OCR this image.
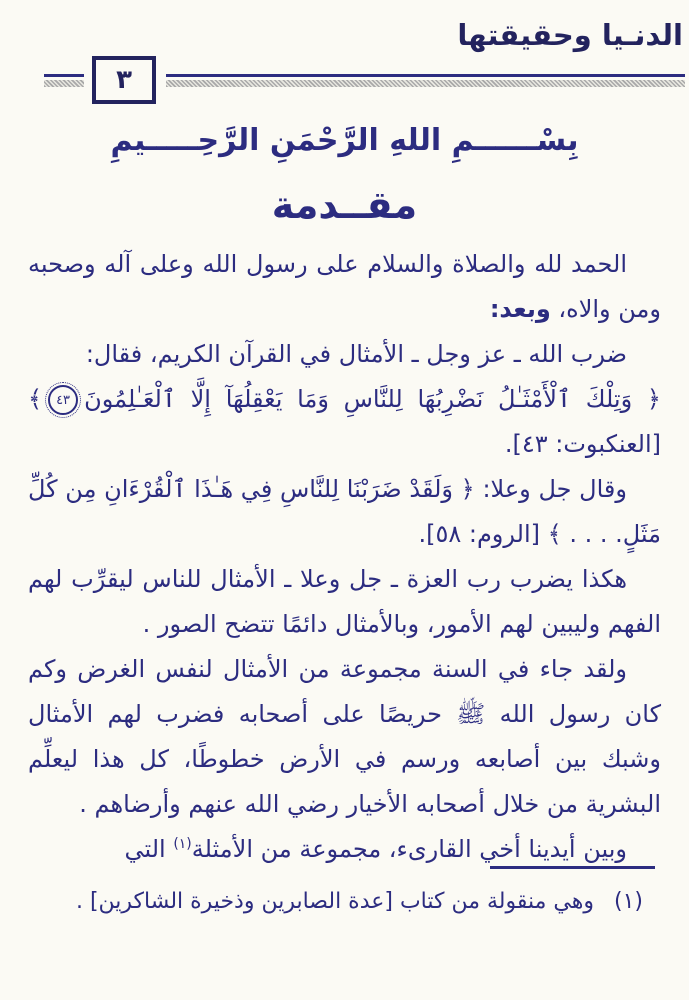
الدنـيا وحقيقتها
٣
بِسْــــــمِ اللهِ الرَّحْمَنِ الرَّحِـــــيمِ
مقــدمة

الحمد لله والصلاة والسلام على رسول الله وعلى آله وصحبه ومن والاه، وبعد:

ضرب الله ـ عز وجل ـ الأمثال في القرآن الكريم، فقال:

﴿ وَتِلْكَ ٱلْأَمْثَـٰلُ نَضْرِبُهَا لِلنَّاسِ وَمَا يَعْقِلُهَآ إِلَّا ٱلْعَـٰلِمُونَ٤٣﴾ [العنكبوت: ٤٣].

وقال جل وعلا: ﴿ وَلَقَدْ ضَرَبْنَا لِلنَّاسِ فِي هَـٰذَا ٱلْقُرْءَانِ مِن كُلِّ مَثَلٍ. . . . ﴾ [الروم: ٥٨].

هكذا يضرب رب العزة ـ جل وعلا ـ الأمثال للناس ليقرِّب لهم الفهم وليبين لهم الأمور، وبالأمثال دائمًا تتضح الصور .

ولقد جاء في السنة مجموعة من الأمثال لنفس الغرض وكم كان رسول الله ﷺ حريصًا على أصحابه فضرب لهم الأمثال وشبك بين أصابعه ورسم في الأرض خطوطًا، كل هذا ليعلِّم البشرية من خلال أصحابه الأخيار رضي الله عنهم وأرضاهم .

وبين أيدينا أخي القارىء، مجموعة من الأمثلة$^{(١)}$ التي

(١)
وهي منقولة من كتاب [عدة الصابرين وذخيرة الشاكرين] .
